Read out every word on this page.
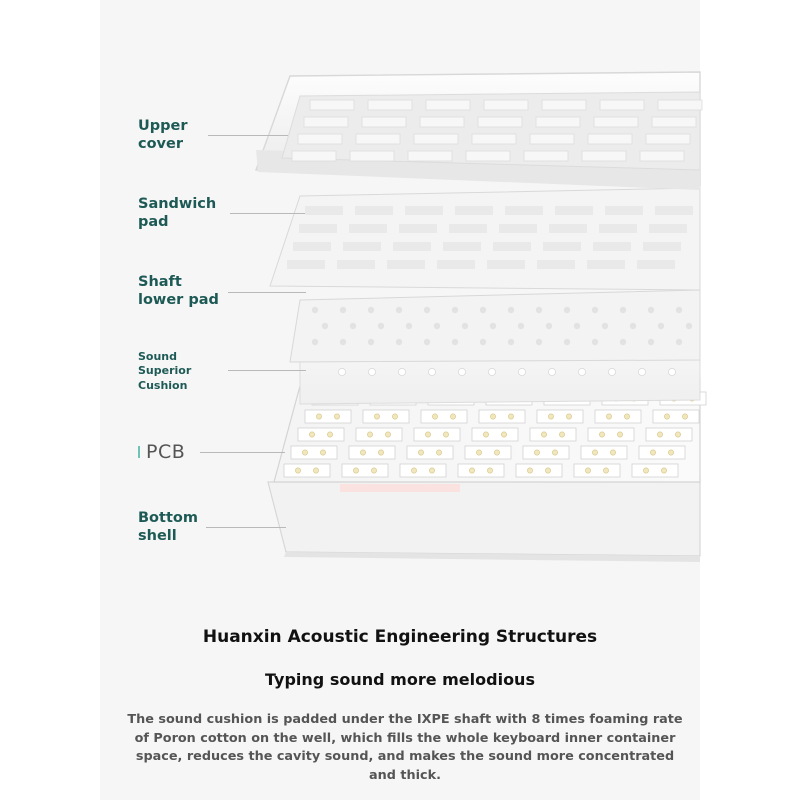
Upper
cover
Sandwich
pad
Shaft
lower pad
Sound
Superior
Cushion
PCB
Bottom
shell
Huanxin Acoustic Engineering Structures
Typing sound more melodious
The sound cushion is padded under the IXPE shaft with 8 times foaming rate of Poron cotton on the well, which fills the whole keyboard inner container space, reduces the cavity sound, and makes the sound more concentrated and thick.
